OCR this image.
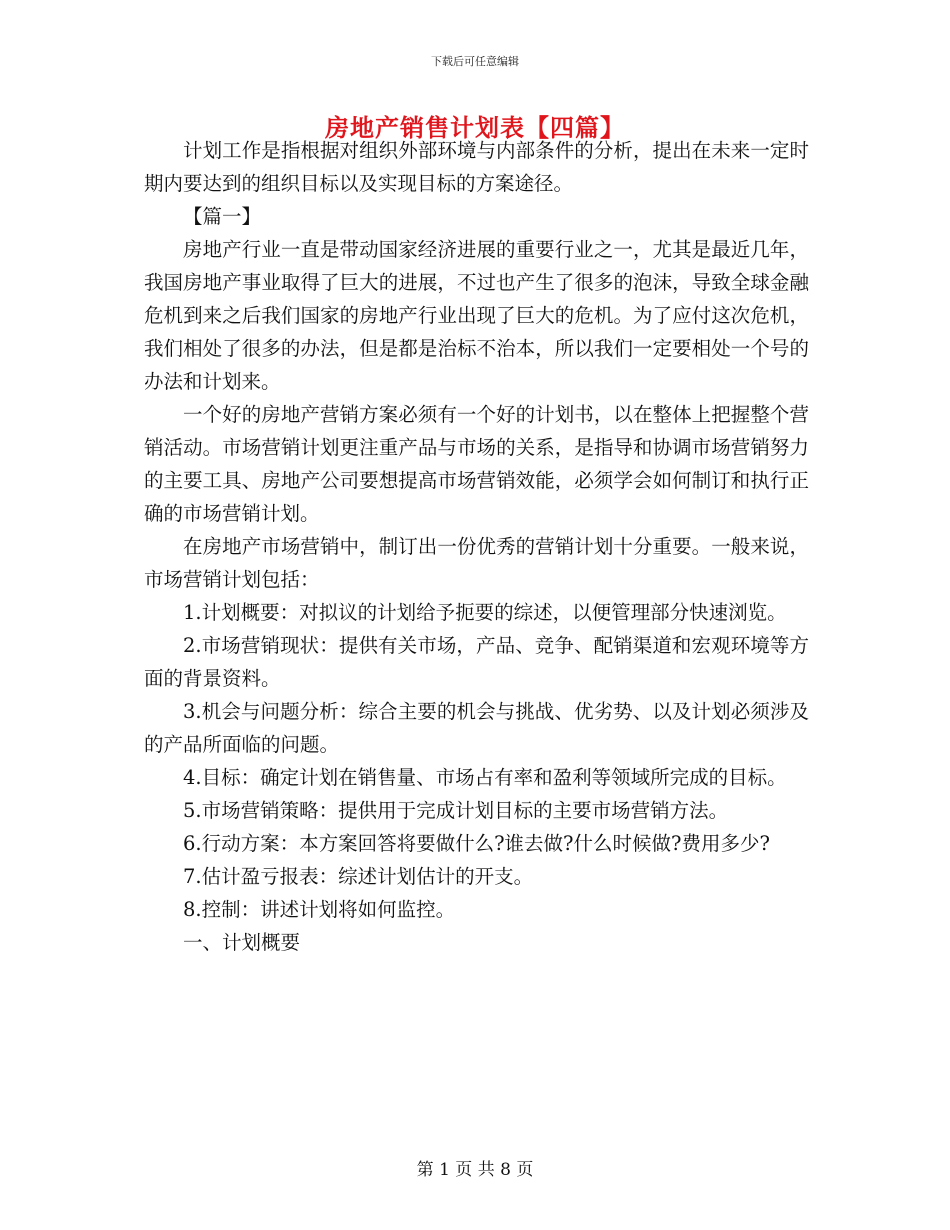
下载后可任意编辑
房地产销售计划表【四篇】

计划工作是指根据对组织外部环境与内部条件的分析，提出在未来一定时期内要达到的组织目标以及实现目标的方案途径。

【篇一】

房地产行业一直是带动国家经济进展的重要行业之一，尤其是最近几年，我国房地产事业取得了巨大的进展，不过也产生了很多的泡沫，导致全球金融危机到来之后我们国家的房地产行业出现了巨大的危机。为了应付这次危机，我们相处了很多的办法，但是都是治标不治本，所以我们一定要相处一个号的办法和计划来。

一个好的房地产营销方案必须有一个好的计划书，以在整体上把握整个营销活动。市场营销计划更注重产品与市场的关系，是指导和协调市场营销努力的主要工具、房地产公司要想提高市场营销效能，必须学会如何制订和执行正确的市场营销计划。

在房地产市场营销中，制订出一份优秀的营销计划十分重要。一般来说，市场营销计划包括：

1.计划概要：对拟议的计划给予扼要的综述，以便管理部分快速浏览。

2.市场营销现状：提供有关市场，产品、竞争、配销渠道和宏观环境等方面的背景资料。

3.机会与问题分析：综合主要的机会与挑战、优劣势、以及计划必须涉及的产品所面临的问题。

4.目标：确定计划在销售量、市场占有率和盈利等领域所完成的目标。

5.市场营销策略：提供用于完成计划目标的主要市场营销方法。

6.行动方案：本方案回答将要做什么?谁去做?什么时候做?费用多少?

7.估计盈亏报表：综述计划估计的开支。

8.控制：讲述计划将如何监控。

一、计划概要

第 1 页 共 8 页
